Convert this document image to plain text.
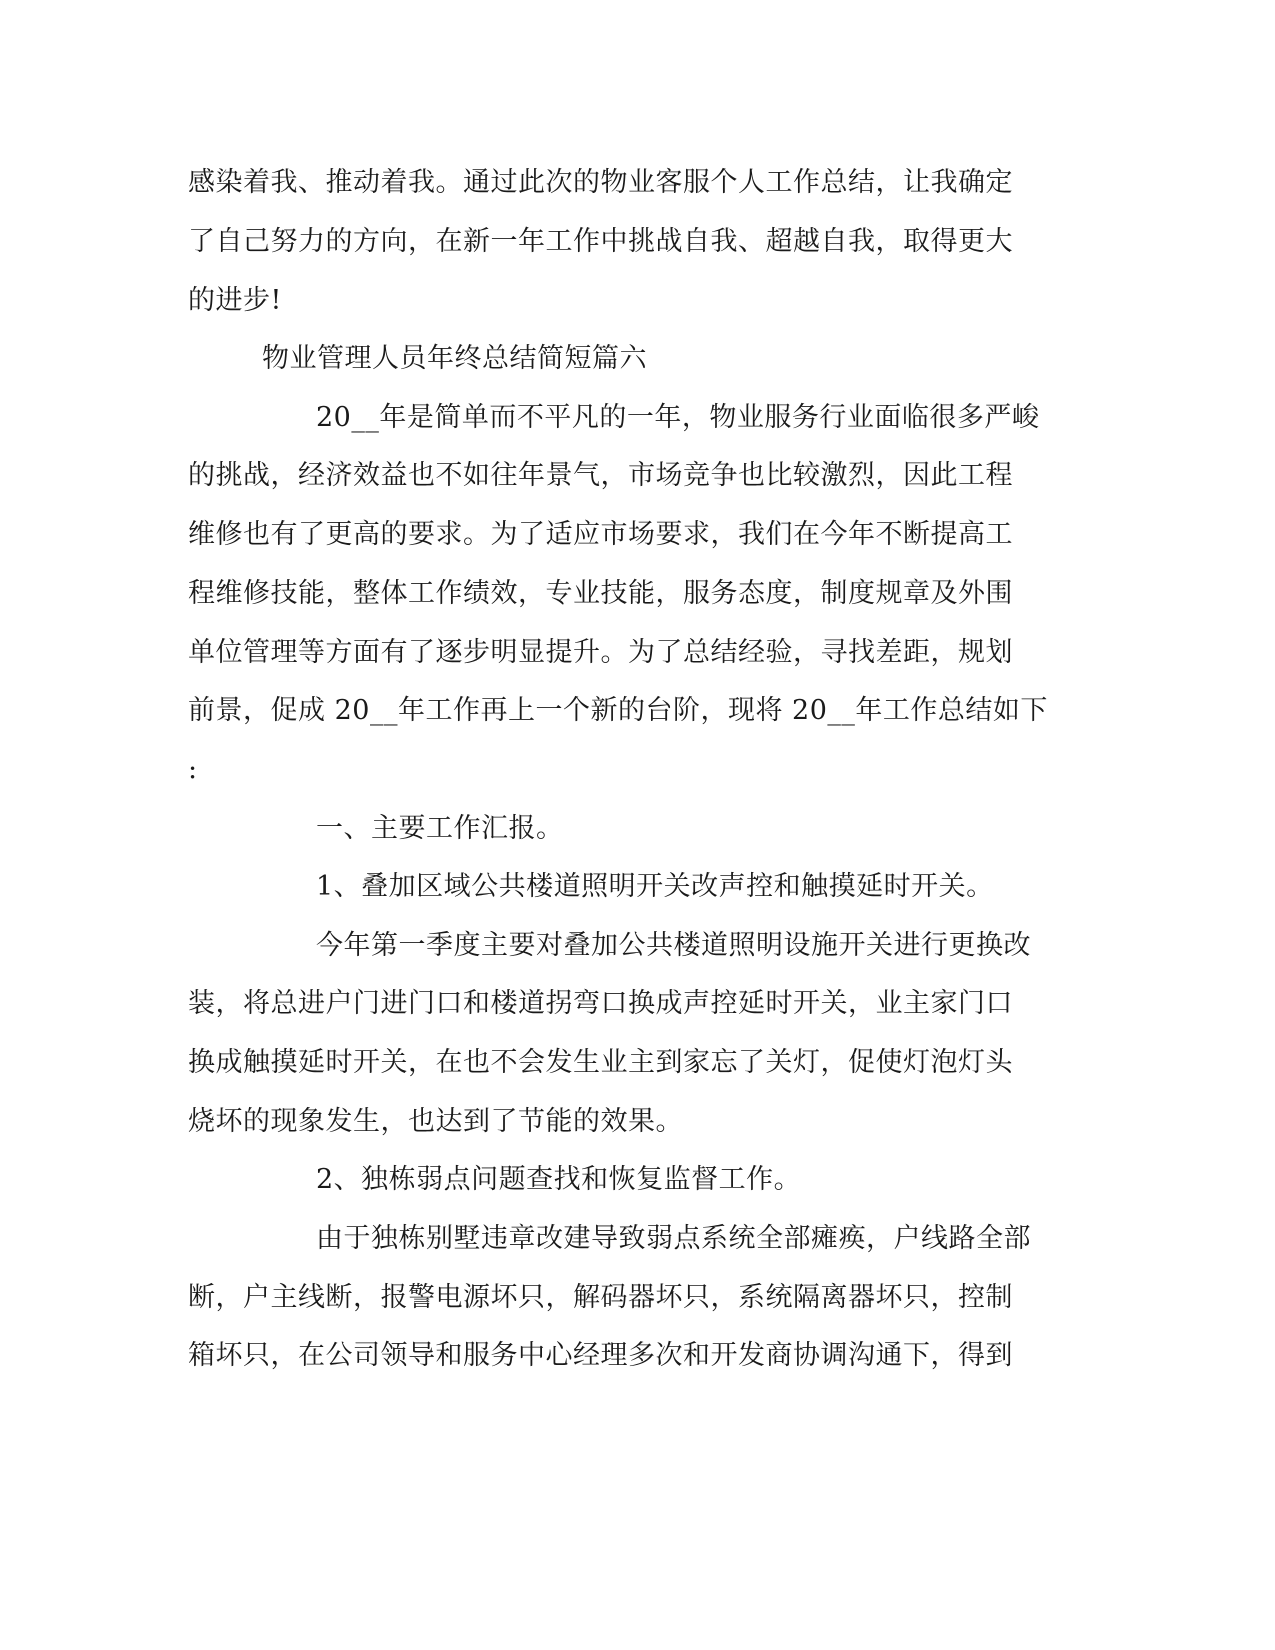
感染着我、推动着我。通过此次的物业客服个人工作总结，让我确定
了自己努力的方向，在新一年工作中挑战自我、超越自我，取得更大
的进步!
物业管理人员年终总结简短篇六
20__年是简单而不平凡的一年，物业服务行业面临很多严峻
的挑战，经济效益也不如往年景气，市场竞争也比较激烈，因此工程
维修也有了更高的要求。为了适应市场要求，我们在今年不断提高工
程维修技能，整体工作绩效，专业技能，服务态度，制度规章及外围
单位管理等方面有了逐步明显提升。为了总结经验，寻找差距，规划
前景，促成 20__年工作再上一个新的台阶，现将 20__年工作总结如下
:
一、主要工作汇报。
1、叠加区域公共楼道照明开关改声控和触摸延时开关。
今年第一季度主要对叠加公共楼道照明设施开关进行更换改
装，将总进户门进门口和楼道拐弯口换成声控延时开关，业主家门口
换成触摸延时开关，在也不会发生业主到家忘了关灯，促使灯泡灯头
烧坏的现象发生，也达到了节能的效果。
2、独栋弱点问题查找和恢复监督工作。
由于独栋别墅违章改建导致弱点系统全部瘫痪，户线路全部
断，户主线断，报警电源坏只，解码器坏只，系统隔离器坏只，控制
箱坏只，在公司领导和服务中心经理多次和开发商协调沟通下，得到
